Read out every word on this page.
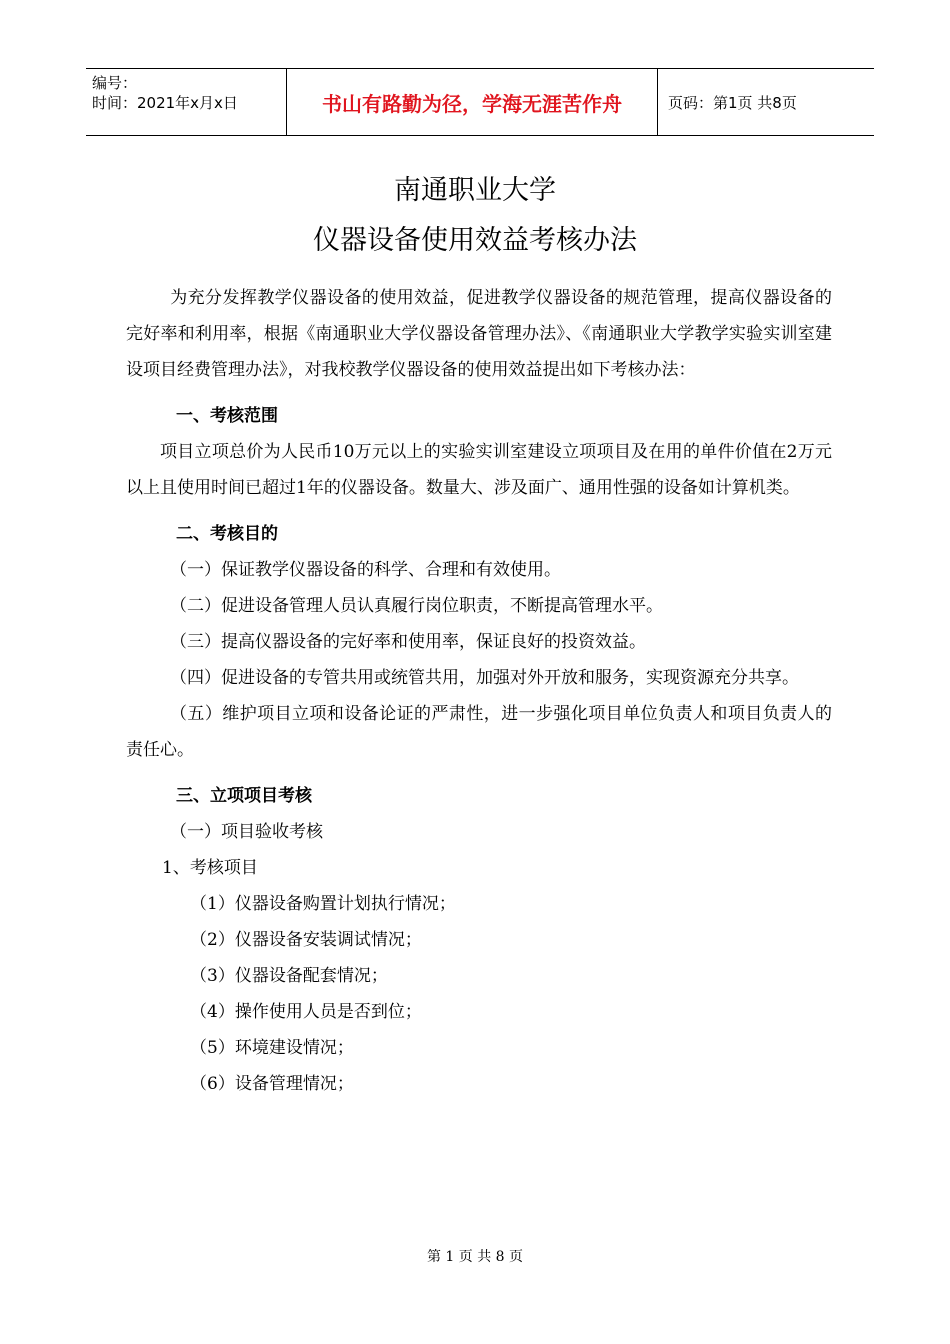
编号：
时间：2021年x月x日	书山有路勤为径，学海无涯苦作舟	页码：第1页 共8页
南通职业大学
仪器设备使用效益考核办法

为充分发挥教学仪器设备的使用效益，促进教学仪器设备的规范管理，提高仪器设备的完好率和利用率，根据《南通职业大学仪器设备管理办法》、《南通职业大学教学实验实训室建设项目经费管理办法》，对我校教学仪器设备的使用效益提出如下考核办法：

一、考核范围

项目立项总价为人民币10万元以上的实验实训室建设立项项目及在用的单件价值在2万元以上且使用时间已超过1年的仪器设备。数量大、涉及面广、通用性强的设备如计算机类。

二、考核目的

（一）保证教学仪器设备的科学、合理和有效使用。

（二）促进设备管理人员认真履行岗位职责，不断提高管理水平。

（三）提高仪器设备的完好率和使用率，保证良好的投资效益。

（四）促进设备的专管共用或统管共用，加强对外开放和服务，实现资源充分共享。

（五）维护项目立项和设备论证的严肃性，进一步强化项目单位负责人和项目负责人的责任心。

三、立项项目考核

（一）项目验收考核

1、考核项目

（1）仪器设备购置计划执行情况；

（2）仪器设备安装调试情况；

（3）仪器设备配套情况；

（4）操作使用人员是否到位；

（5）环境建设情况；

（6）设备管理情况；

第 1 页 共 8 页
